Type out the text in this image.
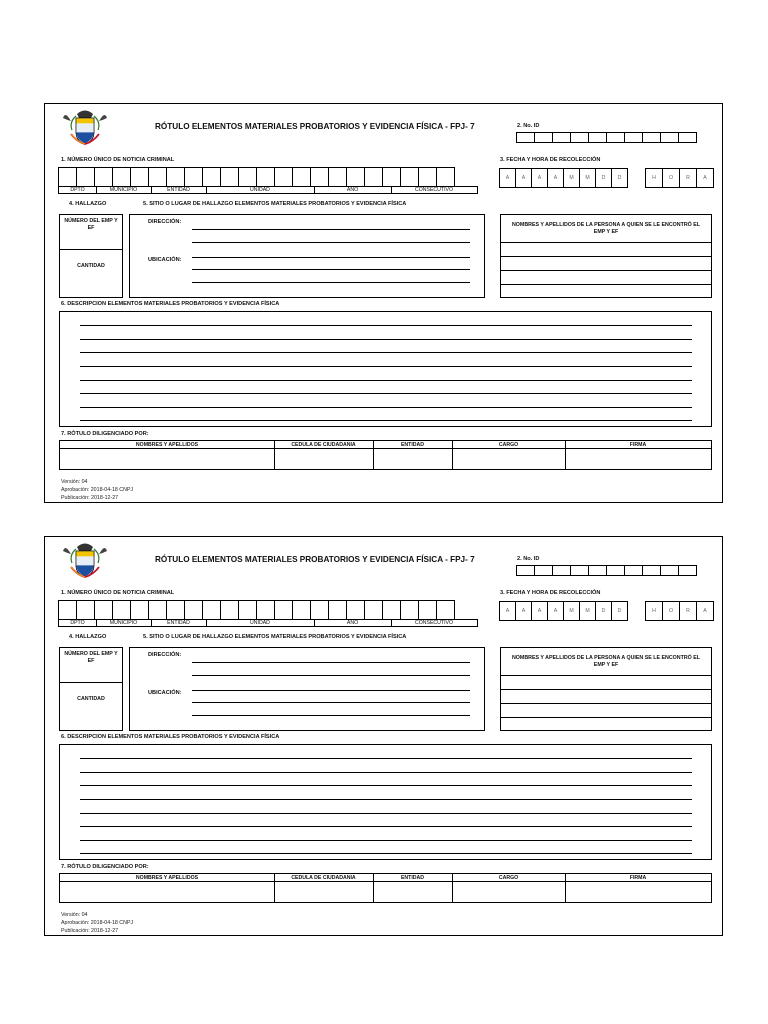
RÓTULO ELEMENTOS MATERIALES PROBATORIOS Y EVIDENCIA FÍSICA - FPJ- 7	2. No. ID
1. NÚMERO ÚNICO DE NOTICIA CRIMINAL
DPTO	MUNICIPIO	ENTIDAD	UNIDAD	AÑO	CONSECUTIVO
3. FECHA Y HORA DE RECOLECCIÓN
A	A	A	A	M	M	D	D	H	O	R	A
4. HALLAZGO	5. SITIO O LUGAR DE HALLAZGO ELEMENTOS MATERIALES PROBATORIOS Y EVIDENCIA FÍSICA
NÚMERO DEL EMP Y EF
CANTIDAD
DIRECCIÓN:
UBICACIÓN:
NOMBRES Y APELLIDOS DE LA PERSONA A QUIEN SE LE ENCONTRÓ EL EMP Y EF
6. DESCRIPCION ELEMENTOS MATERIALES PROBATORIOS Y EVIDENCIA FÍSICA
7. RÓTULO DILIGENCIADO POR:
NOMBRES Y APELLIDOS	CEDULA DE CIUDADANIA	ENTIDAD	CARGO	FIRMA
Versión: 04
Aprobación: 2018-04-18 CNPJ
Publicación: 2018-12-27
RÓTULO ELEMENTOS MATERIALES PROBATORIOS Y EVIDENCIA FÍSICA - FPJ- 7	2. No. ID
1. NÚMERO ÚNICO DE NOTICIA CRIMINAL
DPTO	MUNICIPIO	ENTIDAD	UNIDAD	AÑO	CONSECUTIVO
3. FECHA Y HORA DE RECOLECCIÓN
A	A	A	A	M	M	D	D	H	O	R	A
4. HALLAZGO	5. SITIO O LUGAR DE HALLAZGO ELEMENTOS MATERIALES PROBATORIOS Y EVIDENCIA FÍSICA
NÚMERO DEL EMP Y EF
CANTIDAD
DIRECCIÓN:
UBICACIÓN:
NOMBRES Y APELLIDOS DE LA PERSONA A QUIEN SE LE ENCONTRÓ EL EMP Y EF
6. DESCRIPCION ELEMENTOS MATERIALES PROBATORIOS Y EVIDENCIA FÍSICA
7. RÓTULO DILIGENCIADO POR:
NOMBRES Y APELLIDOS	CEDULA DE CIUDADANIA	ENTIDAD	CARGO	FIRMA
Versión: 04
Aprobación: 2018-04-18 CNPJ
Publicación: 2018-12-27
